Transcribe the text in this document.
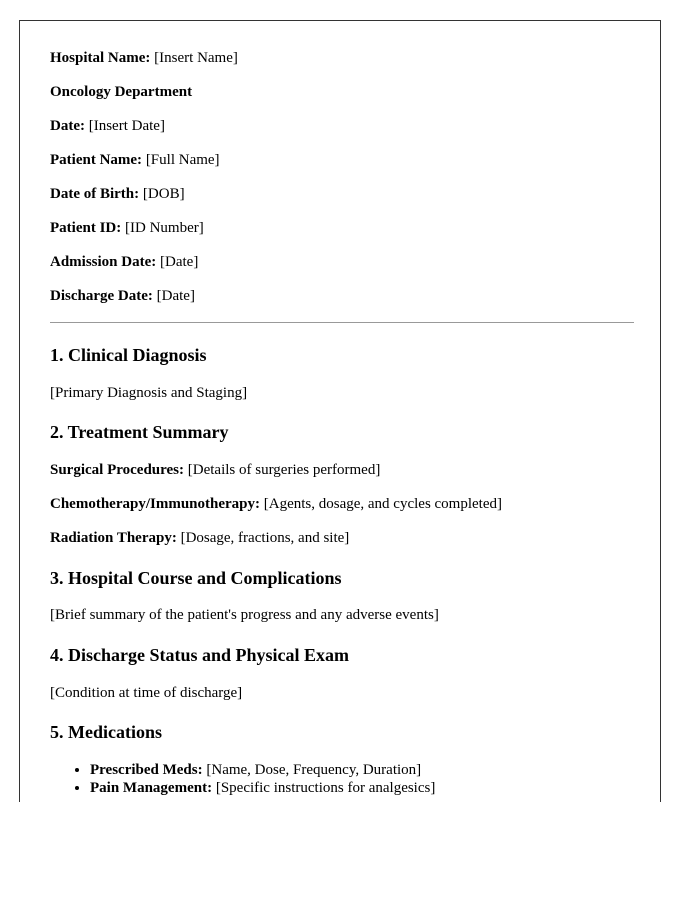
Hospital Name: [Insert Name]
Oncology Department
Date: [Insert Date]
Patient Name: [Full Name]
Date of Birth: [DOB]
Patient ID: [ID Number]
Admission Date: [Date]
Discharge Date: [Date]
1. Clinical Diagnosis

[Primary Diagnosis and Staging]

2. Treatment Summary

Surgical Procedures: [Details of surgeries performed]

Chemotherapy/Immunotherapy: [Agents, dosage, and cycles completed]

Radiation Therapy: [Dosage, fractions, and site]

3. Hospital Course and Complications

[Brief summary of the patient's progress and any adverse events]

4. Discharge Status and Physical Exam

[Condition at time of discharge]

5. Medications
• Prescribed Meds: [Name, Dose, Frequency, Duration]
• Pain Management: [Specific instructions for analgesics]
